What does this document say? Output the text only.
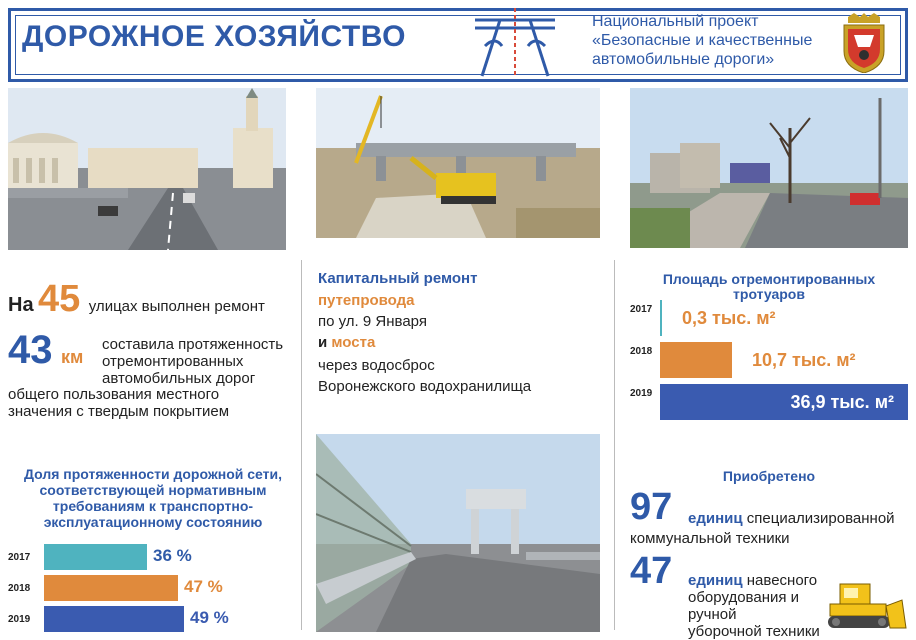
ДОРОЖНОЕ ХОЗЯЙСТВО	Национальный проект
«Безопасные и качественные
автомобильные дороги»
На 45 улицах выполнен ремонт
43 км
составила протяженность
отремонтированных
автомобильных дорог
общего пользования местного
значения с твердым покрытием
Доля протяженности дорожной сети,
соответствующей нормативным
требованиям к транспортно-
эксплуатационному состоянию
2017	36 %
2018	47 %
2019	49 %
Капитальный ремонт
путепровода
по ул. 9 Января
и моста
через водосброс
Воронежского водохранилища
Площадь отремонтированных
тротуаров
2017 0,3 тыс. м²
2018	10,7 тыс. м²
2019	36,9 тыс. м²
Приобретено
97 единиц специализированной
коммунальной техники
47 единиц навесного
оборудования и ручной
уборочной техники
